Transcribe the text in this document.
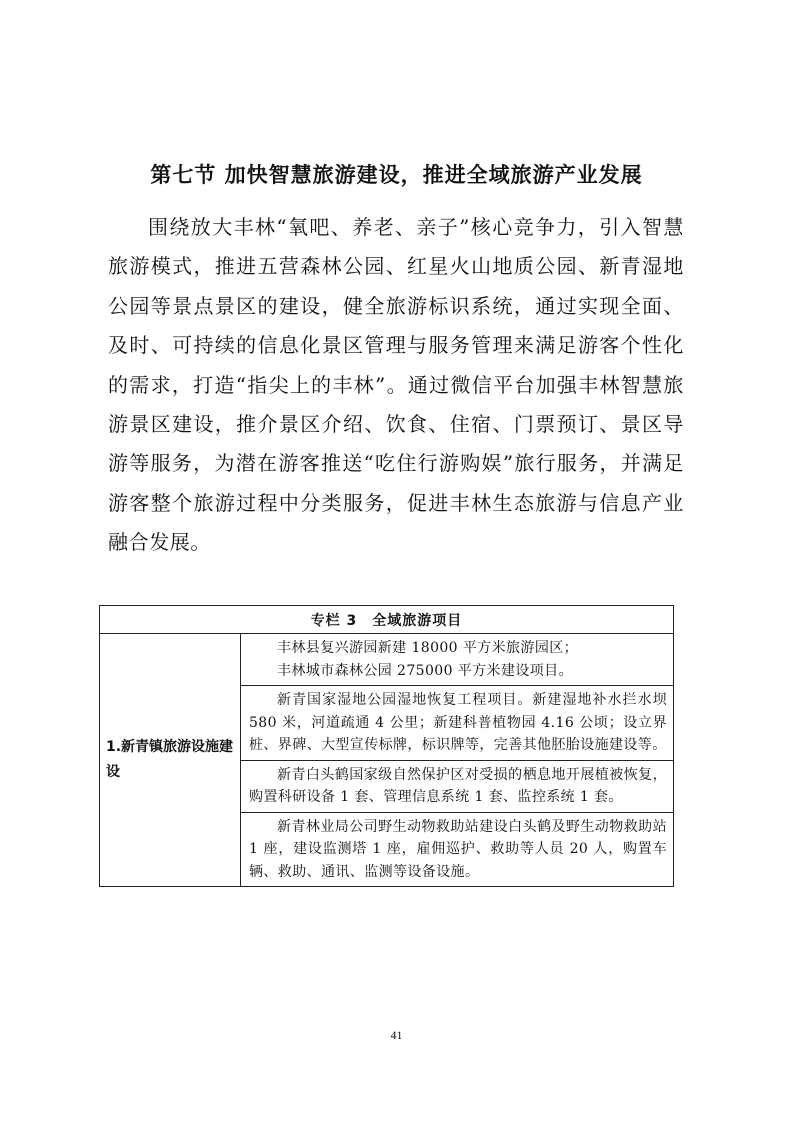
第七节 加快智慧旅游建设，推进全域旅游产业发展

围绕放大丰林“氧吧、养老、亲子”核心竞争力，引入智慧旅游模式，推进五营森林公园、红星火山地质公园、新青湿地公园等景点景区的建设，健全旅游标识系统，通过实现全面、及时、可持续的信息化景区管理与服务管理来满足游客个性化的需求，打造“指尖上的丰林”。通过微信平台加强丰林智慧旅游景区建设，推介景区介绍、饮食、住宿、门票预订、景区导游等服务，为潜在游客推送“吃住行游购娱”旅行服务，并满足游客整个旅游过程中分类服务，促进丰林生态旅游与信息产业融合发展。

专栏 3　全域旅游项目
1.新青镇旅游设施建设	
丰林县复兴游园新建 18000 平方米旅游园区；
丰林城市森林公园 275000 平方米建设项目。

新青国家湿地公园湿地恢复工程项目。新建湿地补水拦水坝 580 米，河道疏通 4 公里；新建科普植物园 4.16 公顷；设立界桩、界碑、大型宣传标牌，标识牌等，完善其他胚胎设施建设等。

新青白头鹤国家级自然保护区对受损的栖息地开展植被恢复，购置科研设备 1 套、管理信息系统 1 套、监控系统 1 套。

新青林业局公司野生动物救助站建设白头鹤及野生动物救助站 1 座，建设监测塔 1 座，雇佣巡护、救助等人员 20 人，购置车辆、救助、通讯、监测等设备设施。
41
